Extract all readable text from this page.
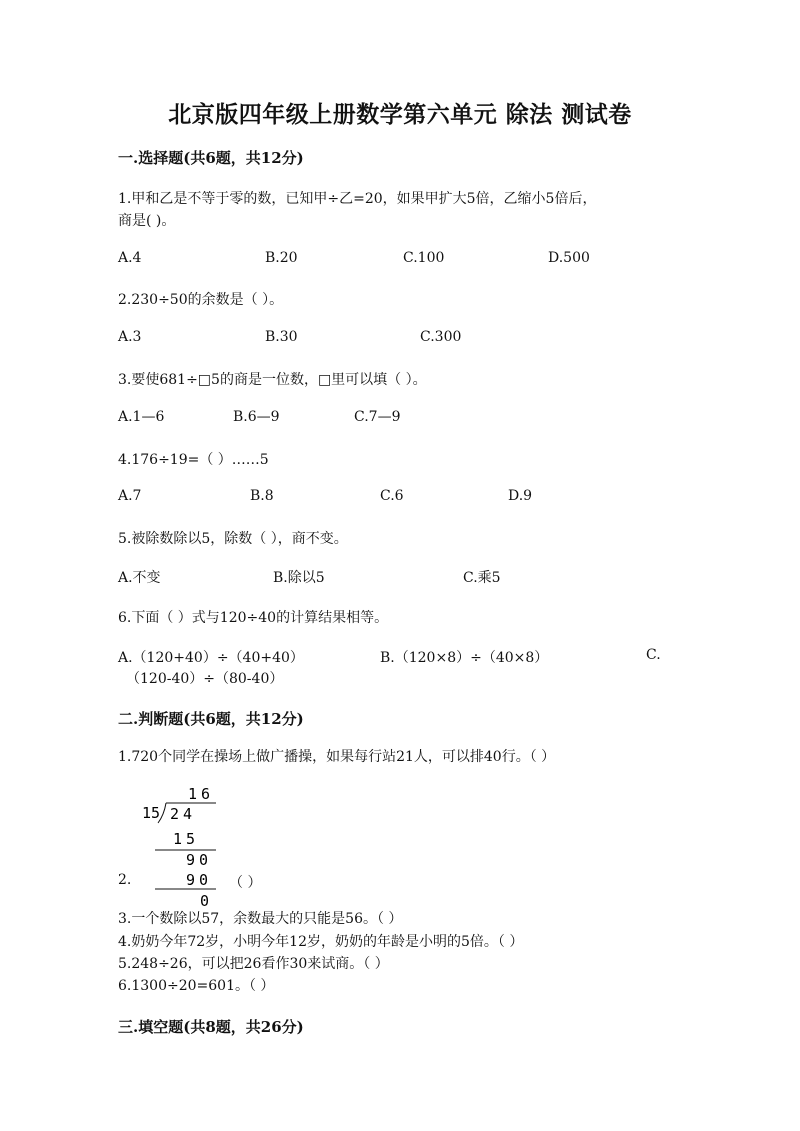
北京版四年级上册数学第六单元 除法 测试卷
一.选择题(共6题，共12分)
1.甲和乙是不等于零的数，已知甲÷乙=20，如果甲扩大5倍，乙缩小5倍后，
商是( )。
A.4	B.20	C.100	D.500
2.230÷50的余数是（ ）。
A.3	B.30	C.300
3.要使681÷□5的商是一位数，□里可以填（ ）。
A.1—6	B.6—9	C.7—9
4.176÷19=（ ）……5
A.7	B.8	C.6	D.9
5.被除数除以5，除数（ ），商不变。
A.不变	B.除以5	C.乘5
6.下面（ ）式与120÷40的计算结果相等。
A.（120+40）÷（40+40）	B.（120×8）÷（40×8）	C.
（120-40）÷（80-40）
二.判断题(共6题，共12分)
1.720个同学在操场上做广播操，如果每行站21人，可以排40行。（ ）
16
15 24
15
90
90
0
2.	（ ）
3.一个数除以57，余数最大的只能是56。（ ）
4.奶奶今年72岁，小明今年12岁，奶奶的年龄是小明的5倍。（ ）
5.248÷26，可以把26看作30来试商。（ ）
6.1300÷20=601。（ ）
三.填空题(共8题，共26分)
